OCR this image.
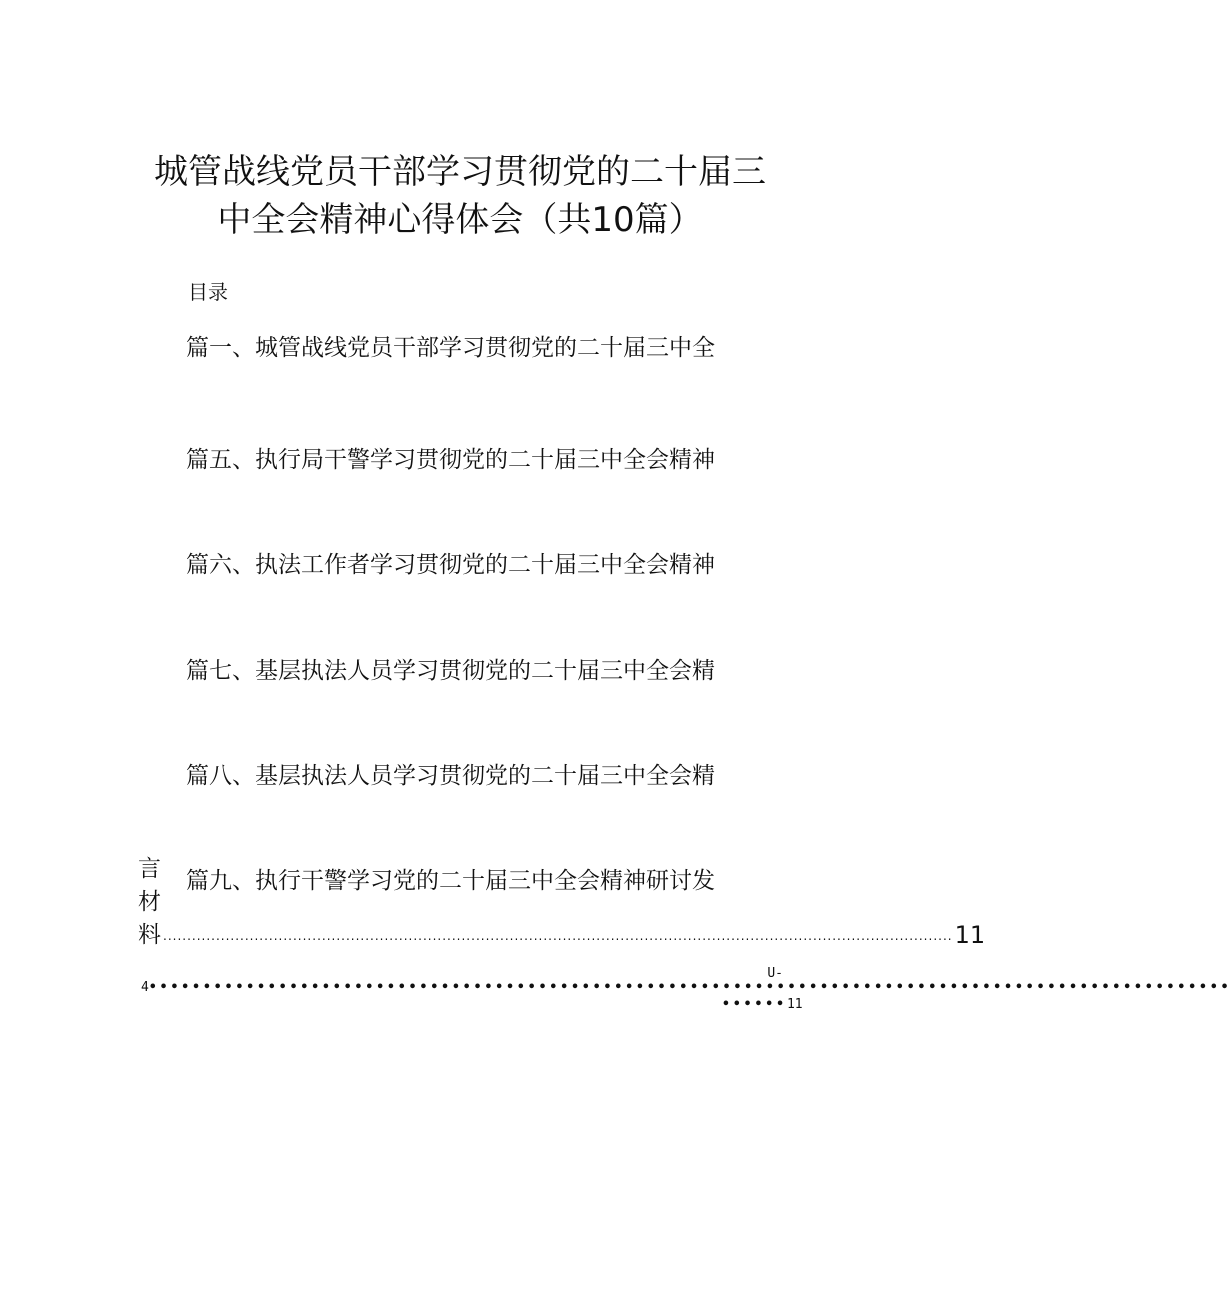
城管战线党员干部学习贯彻党的二十届三
中全会精神心得体会（共10篇）
目录
篇一、城管战线党员干部学习贯彻党的二十届三中全
篇五、执行局干警学习贯彻党的二十届三中全会精神
篇六、执法工作者学习贯彻党的二十届三中全会精神
篇七、基层执法人员学习贯彻党的二十届三中全会精
篇八、基层执法人员学习贯彻党的二十届三中全会精
篇九、执行干警学习党的二十届三中全会精神研讨发
言材料 .................................................................................................................................................................... 11
U-
4 ••••••••••••••••••••••••••••••••••••••••••••••••••••••••••••••••••••••••••••••••••••••••••••••••••••
••••••11
